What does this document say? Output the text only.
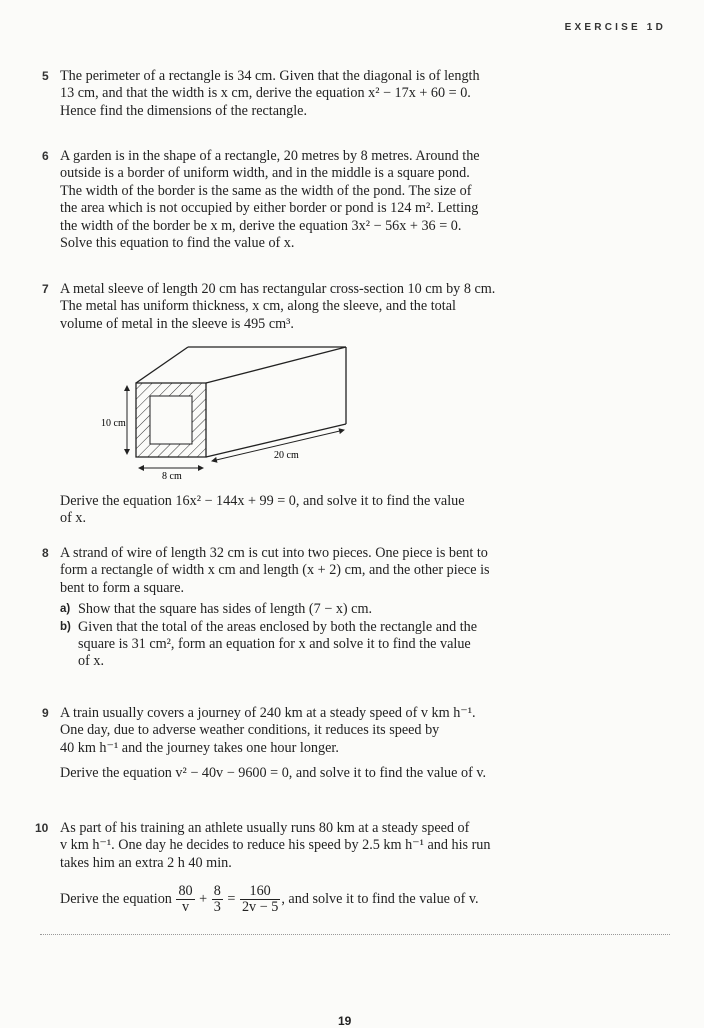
EXERCISE 1D
5 The perimeter of a rectangle is 34 cm. Given that the diagonal is of length
13 cm, and that the width is x cm, derive the equation x² − 17x + 60 = 0.
Hence find the dimensions of the rectangle.
6 A garden is in the shape of a rectangle, 20 metres by 8 metres. Around the
outside is a border of uniform width, and in the middle is a square pond.
The width of the border is the same as the width of the pond. The size of
the area which is not occupied by either border or pond is 124 m². Letting
the width of the border be x m, derive the equation 3x² − 56x + 36 = 0.
Solve this equation to find the value of x.
7 A metal sleeve of length 20 cm has rectangular cross-section 10 cm by 8 cm.
The metal has uniform thickness, x cm, along the sleeve, and the total
volume of metal in the sleeve is 495 cm³.
10 cm
20 cm
8 cm
Derive the equation 16x² − 144x + 99 = 0, and solve it to find the value
of x.
8 A strand of wire of length 32 cm is cut into two pieces. One piece is bent to
form a rectangle of width x cm and length (x + 2) cm, and the other piece is
bent to form a square.
a) Show that the square has sides of length (7 − x) cm.
b) Given that the total of the areas enclosed by both the rectangle and the
square is 31 cm², form an equation for x and solve it to find the value
of x.
9 A train usually covers a journey of 240 km at a steady speed of v km h⁻¹.
One day, due to adverse weather conditions, it reduces its speed by
40 km h⁻¹ and the journey takes one hour longer.
Derive the equation v² − 40v − 9600 = 0, and solve it to find the value of v.
10 As part of his training an athlete usually runs 80 km at a steady speed of
v km h⁻¹. One day he decides to reduce his speed by 2.5 km h⁻¹ and his run
takes him an extra 2 h 40 min.
Derive the equation $\frac{80}{v} + \frac{8}{3} = \frac{160}{2v - 5}$ , and solve it to find the value of v.
19
